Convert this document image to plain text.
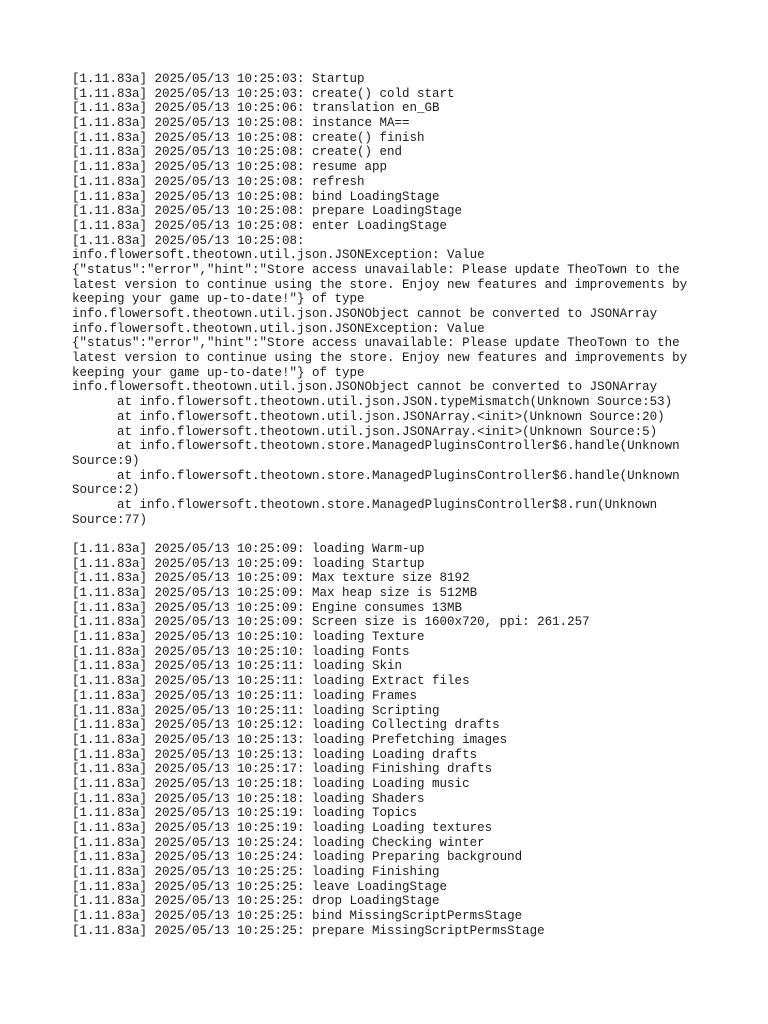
[1.11.83a] 2025/05/13 10:25:03: Startup
[1.11.83a] 2025/05/13 10:25:03: create() cold start
[1.11.83a] 2025/05/13 10:25:06: translation en_GB
[1.11.83a] 2025/05/13 10:25:08: instance MA==
[1.11.83a] 2025/05/13 10:25:08: create() finish
[1.11.83a] 2025/05/13 10:25:08: create() end
[1.11.83a] 2025/05/13 10:25:08: resume app
[1.11.83a] 2025/05/13 10:25:08: refresh
[1.11.83a] 2025/05/13 10:25:08: bind LoadingStage
[1.11.83a] 2025/05/13 10:25:08: prepare LoadingStage
[1.11.83a] 2025/05/13 10:25:08: enter LoadingStage
[1.11.83a] 2025/05/13 10:25:08:
info.flowersoft.theotown.util.json.JSONException: Value
{"status":"error","hint":"Store access unavailable: Please update TheoTown to the
latest version to continue using the store. Enjoy new features and improvements by
keeping your game up-to-date!"} of type
info.flowersoft.theotown.util.json.JSONObject cannot be converted to JSONArray
info.flowersoft.theotown.util.json.JSONException: Value
{"status":"error","hint":"Store access unavailable: Please update TheoTown to the
latest version to continue using the store. Enjoy new features and improvements by
keeping your game up-to-date!"} of type
info.flowersoft.theotown.util.json.JSONObject cannot be converted to JSONArray
at info.flowersoft.theotown.util.json.JSON.typeMismatch(Unknown Source:53)
at info.flowersoft.theotown.util.json.JSONArray.<init>(Unknown Source:20)
at info.flowersoft.theotown.util.json.JSONArray.<init>(Unknown Source:5)
at info.flowersoft.theotown.store.ManagedPluginsController$6.handle(Unknown
Source:9)
at info.flowersoft.theotown.store.ManagedPluginsController$6.handle(Unknown
Source:2)
at info.flowersoft.theotown.store.ManagedPluginsController$8.run(Unknown
Source:77)
[1.11.83a] 2025/05/13 10:25:09: loading Warm-up
[1.11.83a] 2025/05/13 10:25:09: loading Startup
[1.11.83a] 2025/05/13 10:25:09: Max texture size 8192
[1.11.83a] 2025/05/13 10:25:09: Max heap size is 512MB
[1.11.83a] 2025/05/13 10:25:09: Engine consumes 13MB
[1.11.83a] 2025/05/13 10:25:09: Screen size is 1600x720, ppi: 261.257
[1.11.83a] 2025/05/13 10:25:10: loading Texture
[1.11.83a] 2025/05/13 10:25:10: loading Fonts
[1.11.83a] 2025/05/13 10:25:11: loading Skin
[1.11.83a] 2025/05/13 10:25:11: loading Extract files
[1.11.83a] 2025/05/13 10:25:11: loading Frames
[1.11.83a] 2025/05/13 10:25:11: loading Scripting
[1.11.83a] 2025/05/13 10:25:12: loading Collecting drafts
[1.11.83a] 2025/05/13 10:25:13: loading Prefetching images
[1.11.83a] 2025/05/13 10:25:13: loading Loading drafts
[1.11.83a] 2025/05/13 10:25:17: loading Finishing drafts
[1.11.83a] 2025/05/13 10:25:18: loading Loading music
[1.11.83a] 2025/05/13 10:25:18: loading Shaders
[1.11.83a] 2025/05/13 10:25:19: loading Topics
[1.11.83a] 2025/05/13 10:25:19: loading Loading textures
[1.11.83a] 2025/05/13 10:25:24: loading Checking winter
[1.11.83a] 2025/05/13 10:25:24: loading Preparing background
[1.11.83a] 2025/05/13 10:25:25: loading Finishing
[1.11.83a] 2025/05/13 10:25:25: leave LoadingStage
[1.11.83a] 2025/05/13 10:25:25: drop LoadingStage
[1.11.83a] 2025/05/13 10:25:25: bind MissingScriptPermsStage
[1.11.83a] 2025/05/13 10:25:25: prepare MissingScriptPermsStage
